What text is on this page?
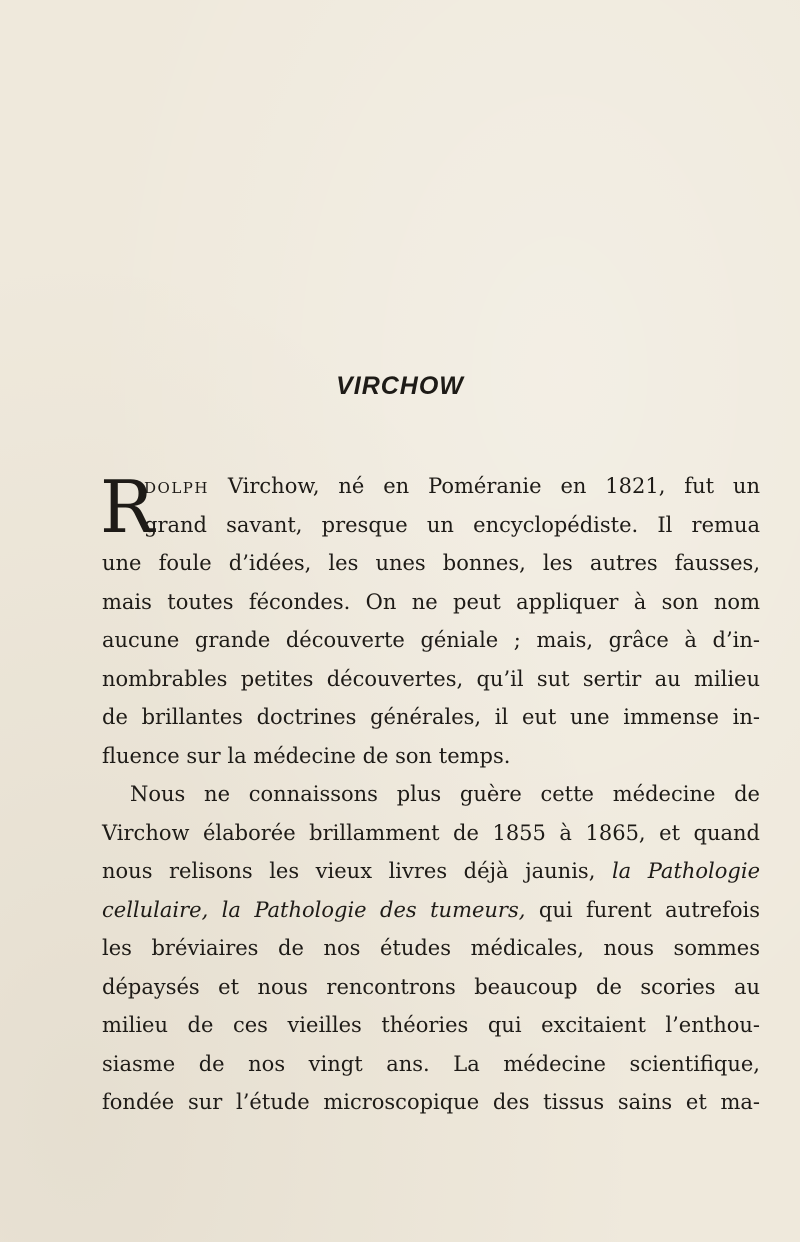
VIRCHOW
R
DOLPH Virchow, né en Poméranie en 1821, fut un
grand savant, presque un encyclopédiste. Il remua
une foule d’idées, les unes bonnes, les autres fausses,
mais toutes fécondes. On ne peut appliquer à son nom
aucune grande découverte géniale ; mais, grâce à d’in-
nombrables petites découvertes, qu’il sut sertir au milieu
de brillantes doctrines générales, il eut une immense in-
fluence sur la médecine de son temps.
Nous ne connaissons plus guère cette médecine de
Virchow élaborée brillamment de 1855 à 1865, et quand
nous relisons les vieux livres déjà jaunis, la Pathologie
cellulaire, la Pathologie des tumeurs, qui furent autrefois
les bréviaires de nos études médicales, nous sommes
dépaysés et nous rencontrons beaucoup de scories au
milieu de ces vieilles théories qui excitaient l’enthou-
siasme de nos vingt ans. La médecine scientifique,
fondée sur l’étude microscopique des tissus sains et ma-
